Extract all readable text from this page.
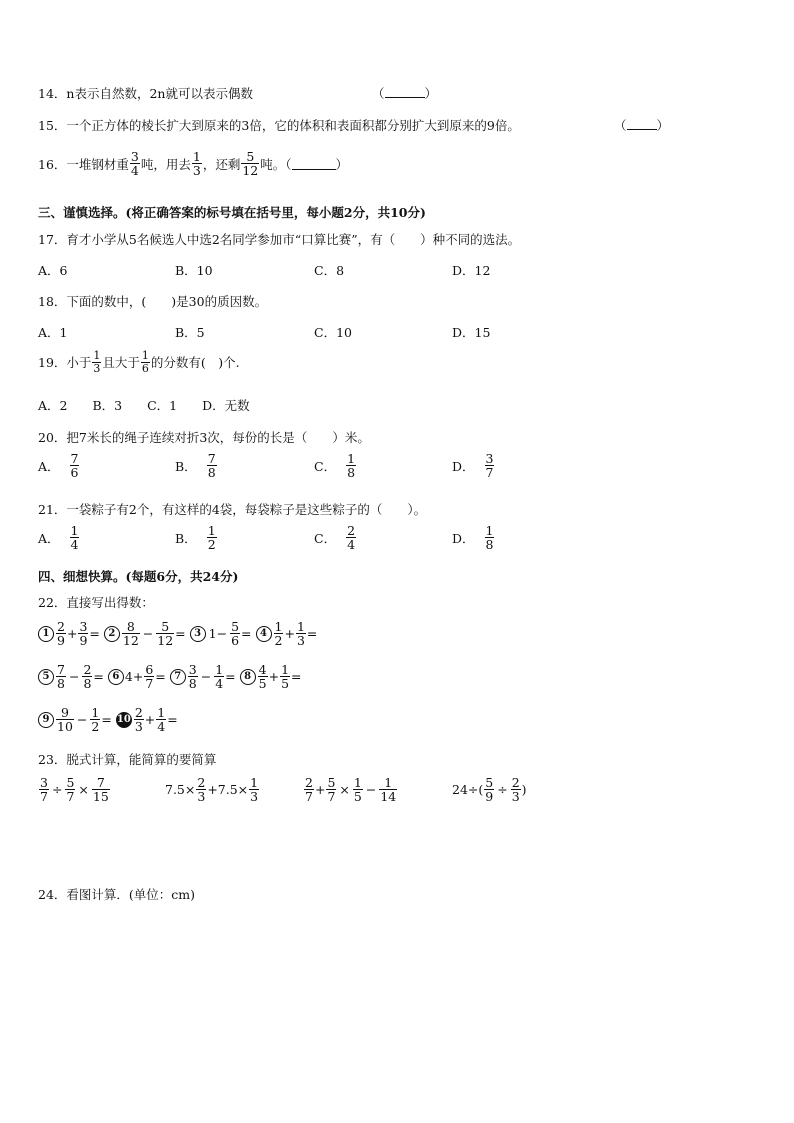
14．n表示自然数，2n就可以表示偶数	（	）
15．一个正方体的棱长扩大到原来的3倍，它的体积和表面积都分别扩大到原来的9倍。	（ ）
16． 一堆钢材重 $\frac{3}{4}$ 吨，用去 $\frac{1}{3}$ ，还剩 $\frac{5}{12}$ 吨。（	）
三、谨慎选择。(将正确答案的标号填在括号里，每小题2分，共10分)
17．育才小学从5名候选人中选2名同学参加市“口算比赛”，有（　　）种不同的选法。
A．6	B．10	C．8	D．12
18．下面的数中，(　　)是30的质因数。
A．1	B．5	C．10	D．15
19．小于 $\frac{1}{3}$ 且大于 $\frac{1}{6}$ 的分数有(　)个.
A．2　　B．3　　C．1　　D．无数
20．把7米长的绳子连续对折3次，每份的长是（　　）米。
A． $\frac{7}{6}$	B． $\frac{7}{8}$	C． $\frac{1}{8}$	D． $\frac{3}{7}$
21．一袋粽子有2个，有这样的4袋，每袋粽子是这些粽子的（　　）。
A． $\frac{1}{4}$	B． $\frac{1}{2}$	C． $\frac{2}{4}$	D． $\frac{1}{8}$
四、细想快算。(每题6分，共24分)
22．直接写出得数：
$1 \frac{2}{9} + \frac{3}{9} = 2 \frac{8}{12} - \frac{5}{12} = 3$ $1- \frac{5}{6} = 4 \frac{1}{2} + \frac{1}{3}$ =
$5 \frac{7}{8} - \frac{2}{8} = 6$ $4+ \frac{6}{7} = 7 \frac{3}{8} - \frac{1}{4} = 8 \frac{4}{5} + \frac{1}{5}$ =
$9 \frac{9}{10} - \frac{1}{2} = 10 \frac{2}{3} + \frac{1}{4}$ =
23．脱式计算，能简算的要简算
$\frac{3}{7} \div \frac{5}{7} \times \frac{7}{15}$	$7.5\times \frac{2}{3} +7.5\times \frac{1}{3}$	$\frac{2}{7} + \frac{5}{7} \times \frac{1}{5} - \frac{1}{14}$	$24\div( \frac{5}{9} \div \frac{2}{3}$ )
24．看图计算．(单位：cm)
